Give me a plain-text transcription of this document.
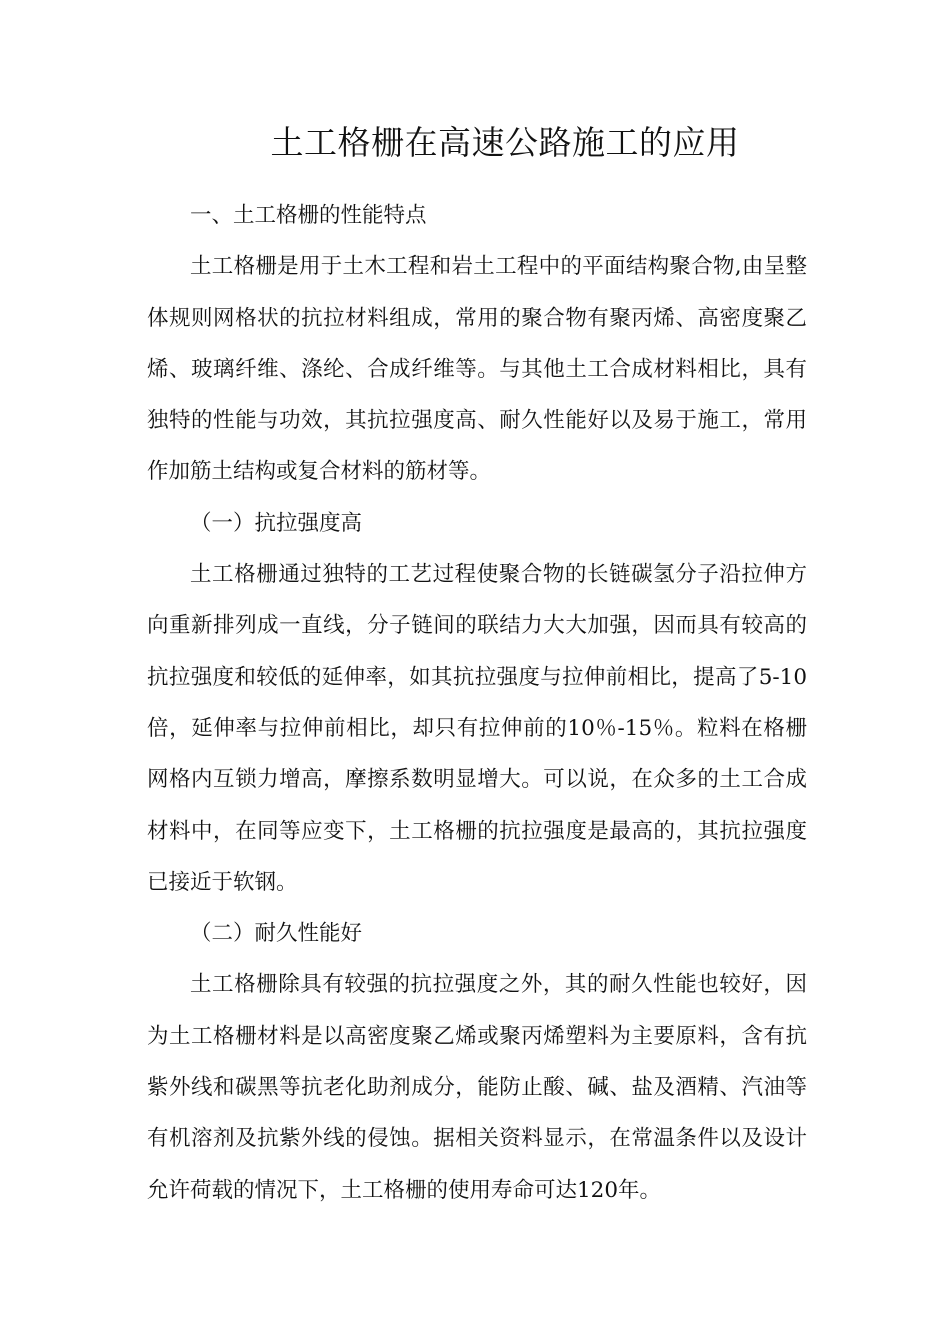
土工格栅在高速公路施工的应用

一、土工格栅的性能特点

土工格栅是用于土木工程和岩土工程中的平面结构聚合物,由呈整体规则网格状的抗拉材料组成，常用的聚合物有聚丙烯、高密度聚乙烯、玻璃纤维、涤纶、合成纤维等。与其他土工合成材料相比，具有独特的性能与功效，其抗拉强度高、耐久性能好以及易于施工，常用作加筋土结构或复合材料的筋材等。

（一）抗拉强度高

土工格栅通过独特的工艺过程使聚合物的长链碳氢分子沿拉伸方向重新排列成一直线，分子链间的联结力大大加强，因而具有较高的抗拉强度和较低的延伸率，如其抗拉强度与拉伸前相比，提高了5-10倍，延伸率与拉伸前相比，却只有拉伸前的10％-15％。粒料在格栅网格内互锁力增高，摩擦系数明显增大。可以说，在众多的土工合成材料中，在同等应变下，土工格栅的抗拉强度是最高的，其抗拉强度已接近于软钢。

（二）耐久性能好

土工格栅除具有较强的抗拉强度之外，其的耐久性能也较好，因为土工格栅材料是以高密度聚乙烯或聚丙烯塑料为主要原料，含有抗紫外线和碳黑等抗老化助剂成分，能防止酸、碱、盐及酒精、汽油等有机溶剂及抗紫外线的侵蚀。据相关资料显示，在常温条件以及设计允许荷载的情况下，土工格栅的使用寿命可达120年。
